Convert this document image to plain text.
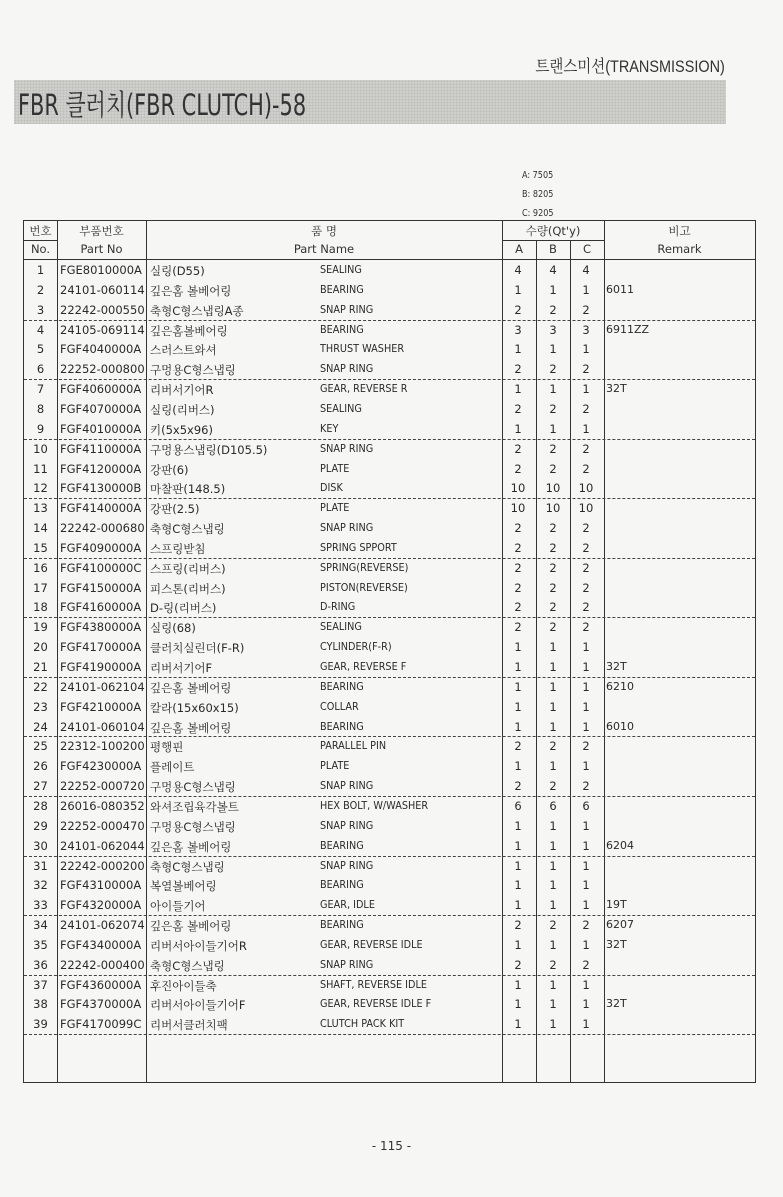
트랜스미션(TRANSMISSION)
FBR 클러치(FBR CLUTCH)-58
A: 7505
B: 8205
C: 9205
번호
No.
부품번호
Part No
품 명
Part Name
수량(Qt'y)
A	B	C
비고
Remark
1	FGE8010000A 실링(D55)	SEALING	4	4	4
2	24101-060114 깊은홈 볼베어링	BEARING	1	1	1	6011
3	22242-000550 축형C형스냅링A종	SNAP RING	2	2	2
4	24105-069114 깊은홈볼베어링	BEARING	3	3	3	6911ZZ
5	FGF4040000A 스러스트와셔	THRUST WASHER	1	1	1
6	22252-000800 구멍용C형스냅링	SNAP RING	2	2	2
7	FGF4060000A 리버서기어R	GEAR, REVERSE R	1	1	1	32T
8	FGF4070000A 실링(리버스)	SEALING	2	2	2
9	FGF4010000A 키(5x5x96)	KEY	1	1	1
10	FGF4110000A 구멍용스냅링(D105.5)	SNAP RING	2	2	2
11	FGF4120000A 강판(6)	PLATE	2	2	2
12	FGF4130000B 마찰판(148.5)	DISK	10	10	10
13	FGF4140000A 강판(2.5)	PLATE	10	10	10
14	22242-000680 축형C형스냅링	SNAP RING	2	2	2
15	FGF4090000A 스프링받침	SPRING SPPORT	2	2	2
16	FGF4100000C 스프링(리버스)	SPRING(REVERSE)	2	2	2
17	FGF4150000A 피스톤(리버스)	PISTON(REVERSE)	2	2	2
18	FGF4160000A D-링(리버스)	D-RING	2	2	2
19	FGF4380000A 실링(68)	SEALING	2	2	2
20	FGF4170000A 클러치실린더(F-R)	CYLINDER(F-R)	1	1	1
21	FGF4190000A 리버서기어F	GEAR, REVERSE F	1	1	1	32T
22	24101-062104 깊은홈 볼베어링	BEARING	1	1	1	6210
23	FGF4210000A 칼라(15x60x15)	COLLAR	1	1	1
24	24101-060104 깊은홈 볼베어링	BEARING	1	1	1	6010
25	22312-100200 평행핀	PARALLEL PIN	2	2	2
26	FGF4230000A 플레이트	PLATE	1	1	1
27	22252-000720 구멍용C형스냅링	SNAP RING	2	2	2
28	26016-080352 와셔조립육각볼트	HEX BOLT, W/WASHER	6	6	6
29	22252-000470 구멍용C형스냅링	SNAP RING	1	1	1
30	24101-062044 깊은홈 볼베어링	BEARING	1	1	1	6204
31	22242-000200 축형C형스냅링	SNAP RING	1	1	1
32	FGF4310000A 복열볼베어링	BEARING	1	1	1
33	FGF4320000A 아이들기어	GEAR, IDLE	1	1	1	19T
34	24101-062074 깊은홈 볼베어링	BEARING	2	2	2	6207
35	FGF4340000A 리버서아이들기어R	GEAR, REVERSE IDLE	1	1	1	32T
36	22242-000400 축형C형스냅링	SNAP RING	2	2	2
37	FGF4360000A 후진아이들축	SHAFT, REVERSE IDLE	1	1	1
38	FGF4370000A 리버서아이들기어F	GEAR, REVERSE IDLE F	1	1	1	32T
39	FGF4170099C 리버서클러치팩	CLUTCH PACK KIT	1	1	1
- 115 -
